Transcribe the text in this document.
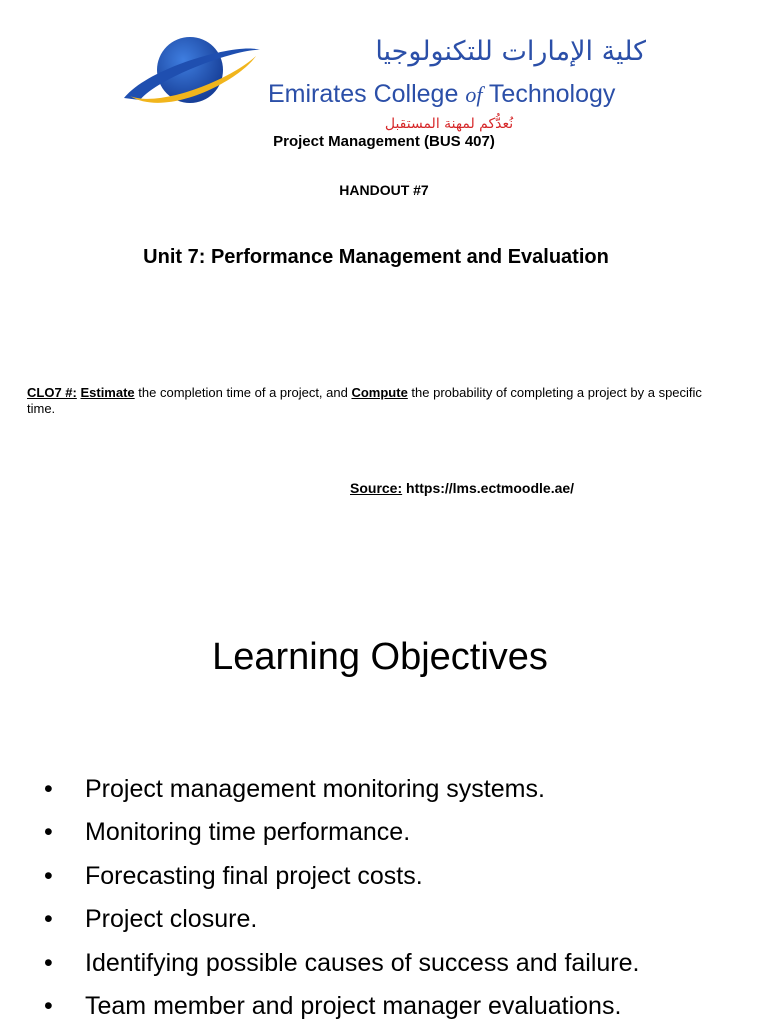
كلية الإمارات للتكنولوجيا
Emirates College of Technology
نُعدُّكم لمهنة المستقبل
Project Management (BUS 407)
HANDOUT #7
Unit 7: Performance Management and Evaluation
CLO7 #: Estimate the completion time of a project, and Compute the probability of completing a project by a specific time.
Source: https://lms.ectmoodle.ae/
Learning Objectives
• Project management monitoring systems.
• Monitoring time performance.
• Forecasting final project costs.
• Project closure.
• Identifying possible causes of success and failure.
• Team member and project manager evaluations.
